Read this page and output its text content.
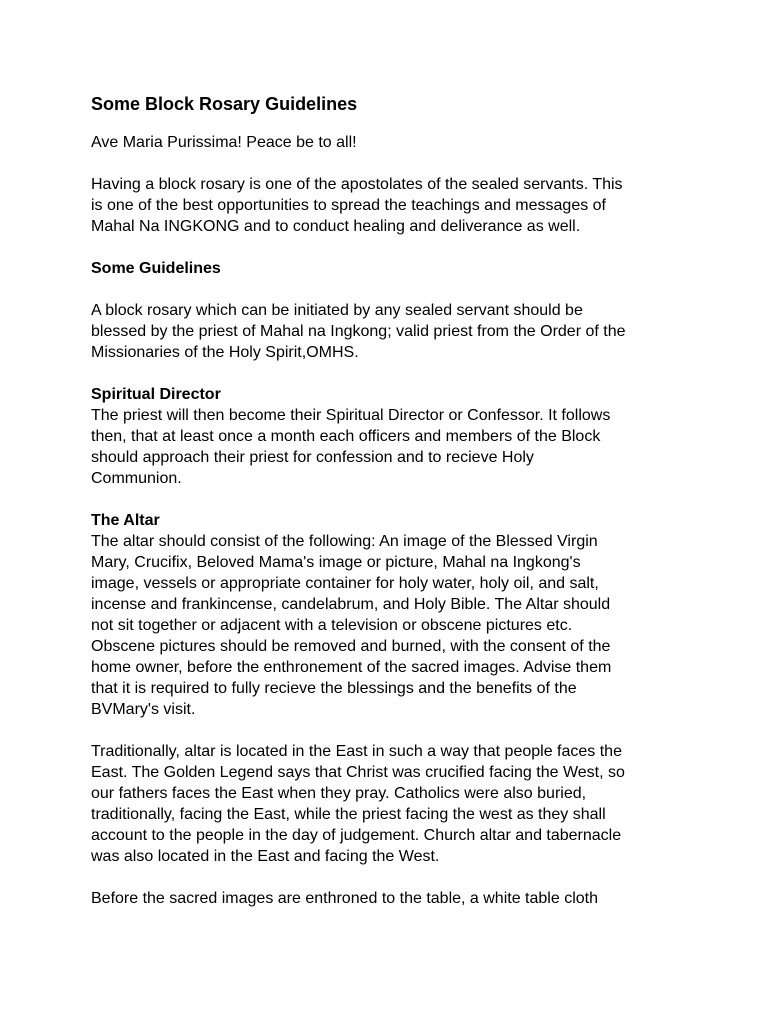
Some Block Rosary Guidelines
Ave Maria Purissima! Peace be to all!
Having a block rosary is one of the apostolates of the sealed servants. This
is one of the best opportunities to spread the teachings and messages of
Mahal Na INGKONG and to conduct healing and deliverance as well.
Some Guidelines
A block rosary which can be initiated by any sealed servant should be
blessed by the priest of Mahal na Ingkong; valid priest from the Order of the
Missionaries of the Holy Spirit,OMHS.
Spiritual Director
The priest will then become their Spiritual Director or Confessor. It follows
then, that at least once a month each officers and members of the Block
should approach their priest for confession and to recieve Holy
Communion.
The Altar
The altar should consist of the following: An image of the Blessed Virgin
Mary, Crucifix, Beloved Mama's image or picture, Mahal na Ingkong's
image, vessels or appropriate container for holy water, holy oil, and salt,
incense and frankincense, candelabrum, and Holy Bible. The Altar should
not sit together or adjacent with a television or obscene pictures etc.
Obscene pictures should be removed and burned, with the consent of the
home owner, before the enthronement of the sacred images. Advise them
that it is required to fully recieve the blessings and the benefits of the
BVMary's visit.
Traditionally, altar is located in the East in such a way that people faces the
East. The Golden Legend says that Christ was crucified facing the West, so
our fathers faces the East when they pray. Catholics were also buried,
traditionally, facing the East, while the priest facing the west as they shall
account to the people in the day of judgement. Church altar and tabernacle
was also located in the East and facing the West.
Before the sacred images are enthroned to the table, a white table cloth
